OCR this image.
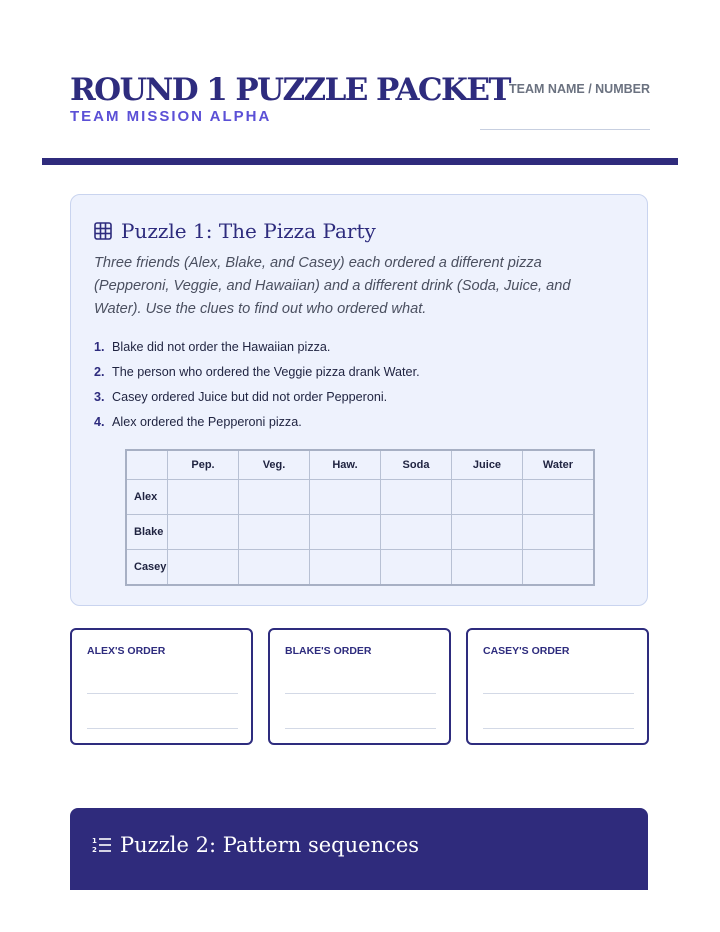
ROUND 1 PUZZLE PACKET
TEAM MISSION ALPHA
TEAM NAME / NUMBER
Puzzle 1: The Pizza Party

Three friends (Alex, Blake, and Casey) each ordered a different pizza (Pepperoni, Veggie, and Hawaiian) and a different drink (Soda, Juice, and Water). Use the clues to find out who ordered what.

1. Blake did not order the Hawaiian pizza.
2. The person who ordered the Veggie pizza drank Water.
3. Casey ordered Juice but did not order Pepperoni.
4. Alex ordered the Pepperoni pizza.
	Pep.	Veg.	Haw.	Soda	Juice	Water
Alex						
Blake						
Casey						
ALEX'S ORDER	BLAKE'S ORDER	CASEY'S ORDER
1
2 Puzzle 2: Pattern sequences
